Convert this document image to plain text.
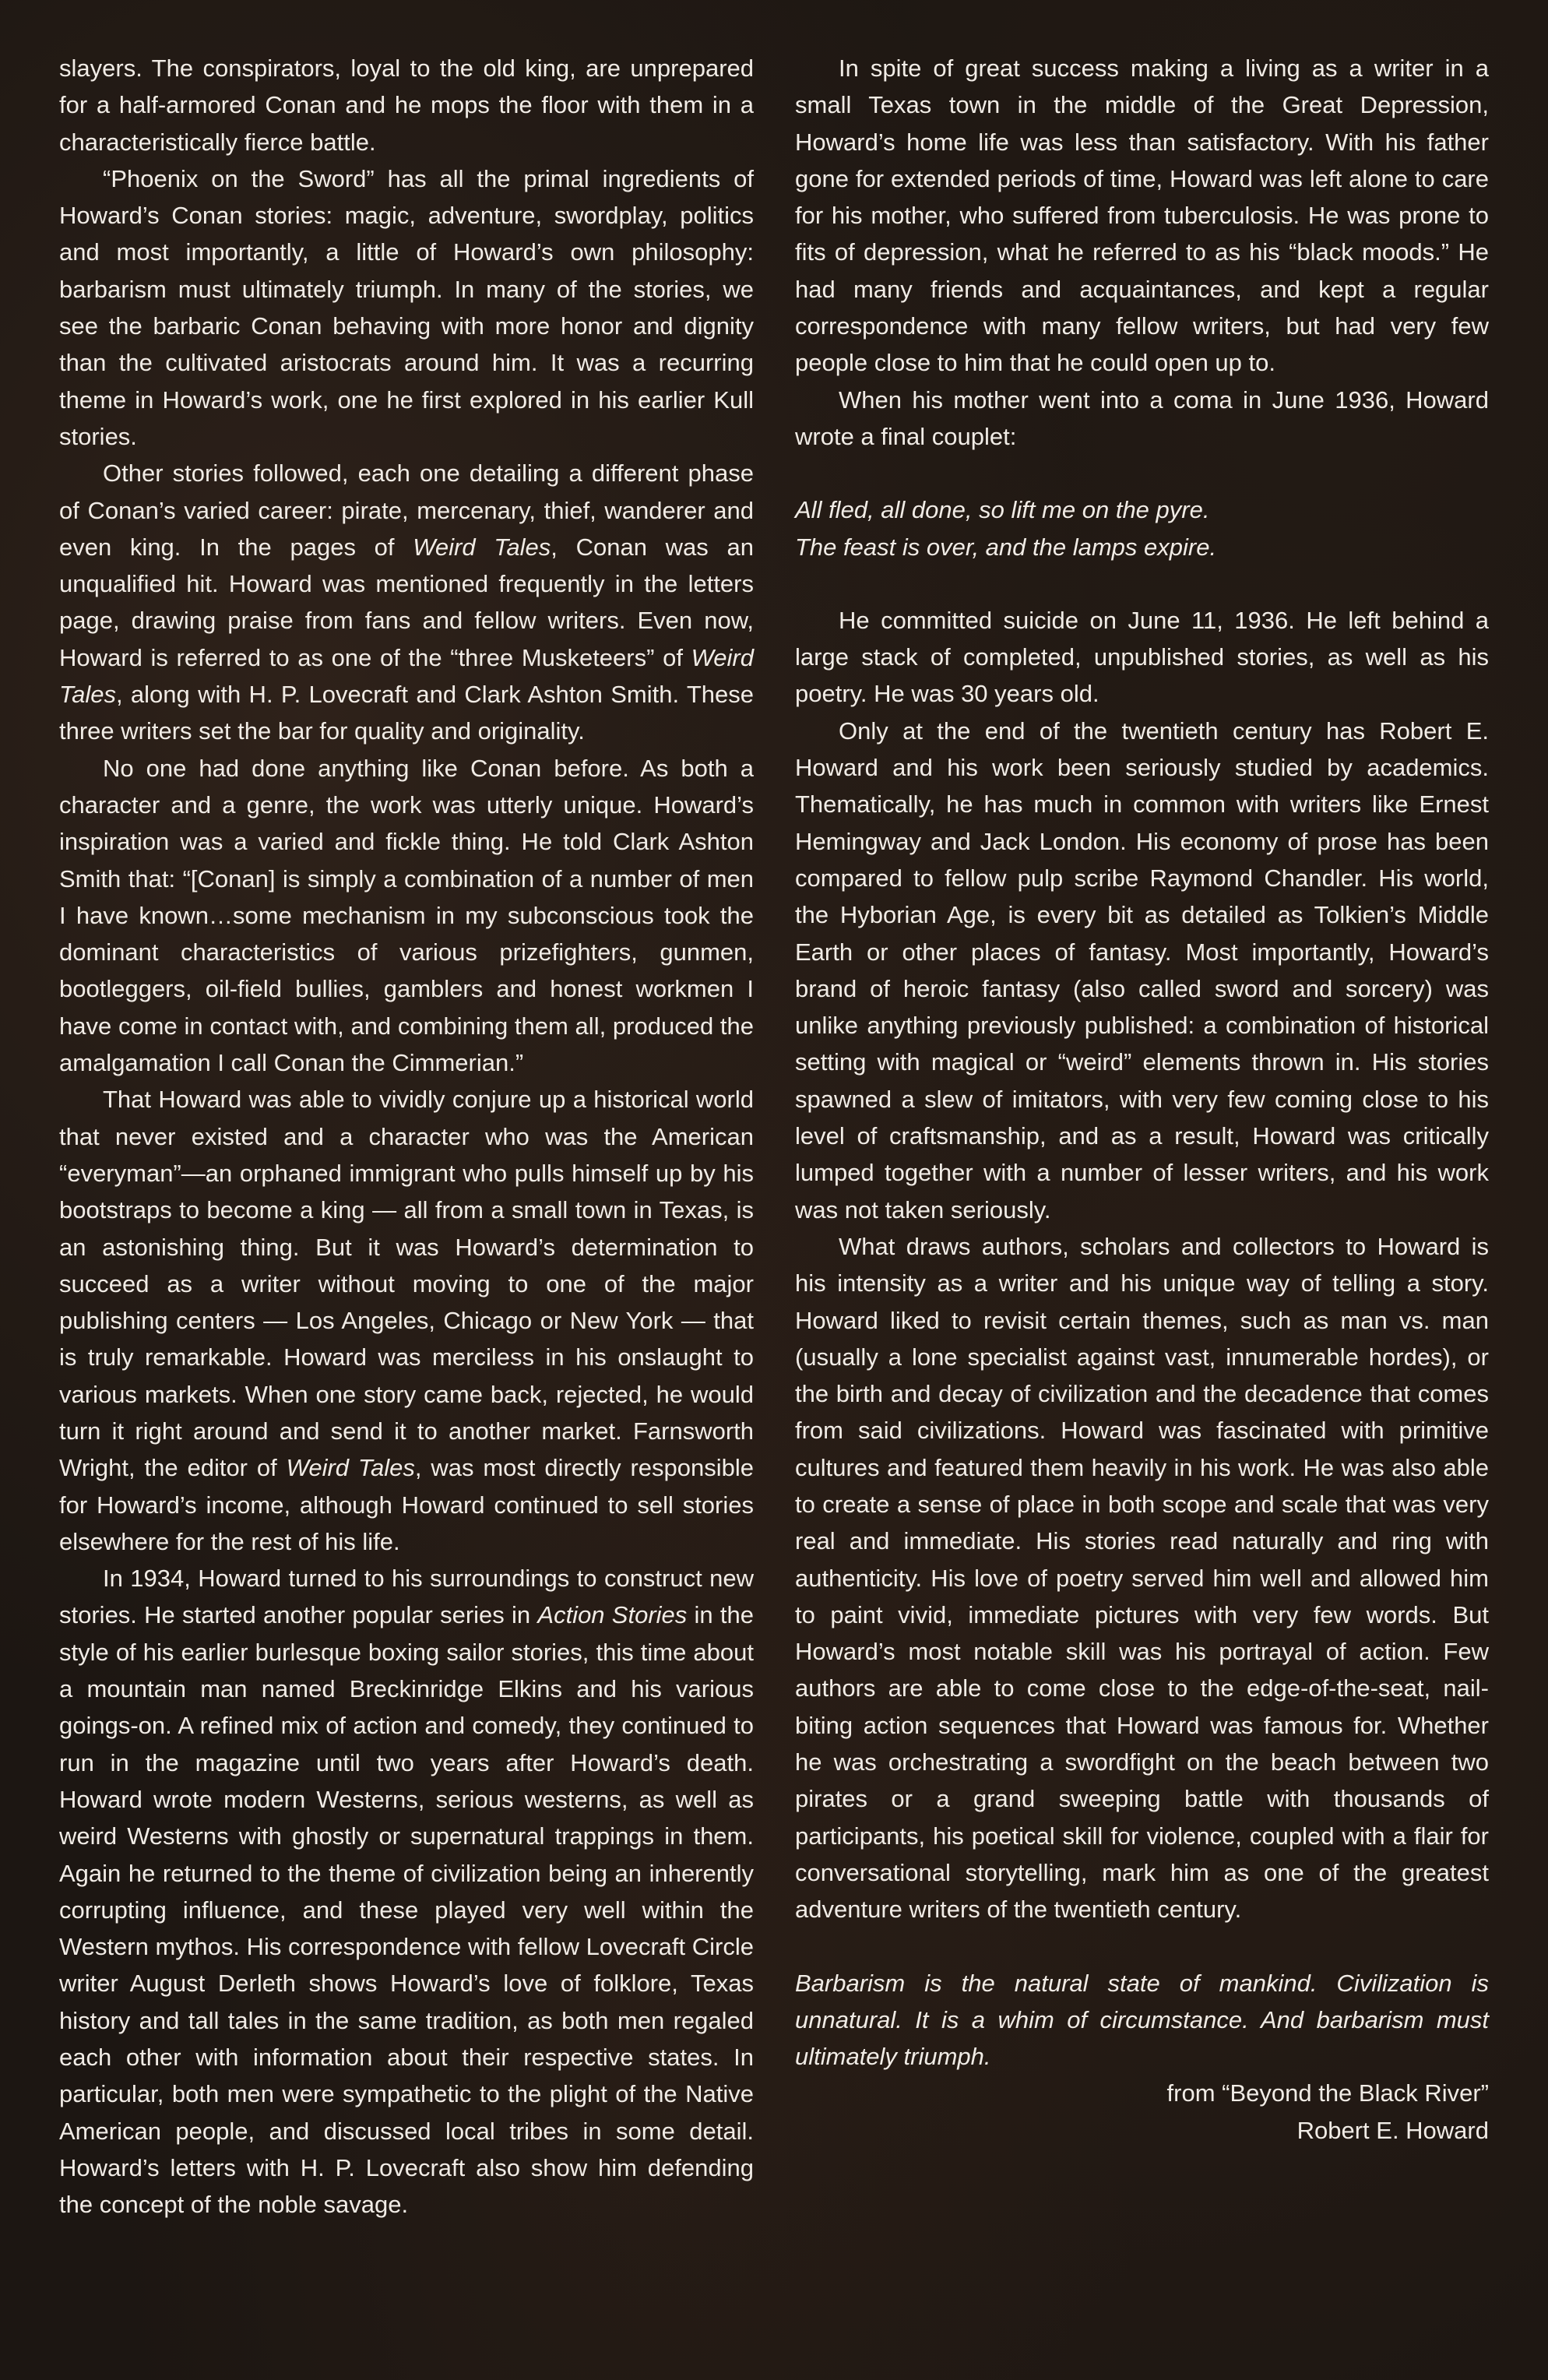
slayers. The conspirators, loyal to the old king, are unprepared for a half-armored Conan and he mops the floor with them in a characteristically fierce battle.

“Phoenix on the Sword” has all the primal ingredients of Howard’s Conan stories: magic, adventure, swordplay, politics and most importantly, a little of Howard’s own philosophy: barbarism must ultimately triumph. In many of the stories, we see the barbaric Conan behaving with more honor and dignity than the cultivated aristocrats around him. It was a recurring theme in Howard’s work, one he first explored in his earlier Kull stories.

Other stories followed, each one detailing a different phase of Conan’s varied career: pirate, mercenary, thief, wanderer and even king. In the pages of Weird Tales, Conan was an unqualified hit. Howard was mentioned frequently in the letters page, drawing praise from fans and fellow writers. Even now, Howard is referred to as one of the “three Musketeers” of Weird Tales, along with H. P. Lovecraft and Clark Ashton Smith. These three writers set the bar for quality and originality.

No one had done anything like Conan before. As both a character and a genre, the work was utterly unique. Howard’s inspiration was a varied and fickle thing. He told Clark Ashton Smith that: “[Conan] is simply a combination of a number of men I have known…some mechanism in my subconscious took the dominant characteristics of various prizefighters, gunmen, bootleggers, oil-field bullies, gamblers and honest workmen I have come in contact with, and combining them all, produced the amalgamation I call Conan the Cimmerian.”

That Howard was able to vividly conjure up a historical world that never existed and a character who was the American “everyman”—an orphaned immigrant who pulls himself up by his bootstraps to become a king — all from a small town in Texas, is an astonishing thing. But it was Howard’s determination to succeed as a writer without moving to one of the major publishing centers — Los Angeles, Chicago or New York — that is truly remarkable. Howard was merciless in his onslaught to various markets. When one story came back, rejected, he would turn it right around and send it to another market. Farnsworth Wright, the editor of Weird Tales, was most directly responsible for Howard’s income, although Howard continued to sell stories elsewhere for the rest of his life.

In 1934, Howard turned to his surroundings to construct new stories. He started another popular series in Action Stories in the style of his earlier burlesque boxing sailor stories, this time about a mountain man named Breckinridge Elkins and his various goings-on. A refined mix of action and comedy, they continued to run in the magazine until two years after Howard’s death. Howard wrote modern Westerns, serious westerns, as well as weird Westerns with ghostly or supernatural trappings in them. Again he returned to the theme of civilization being an inherently corrupting influence, and these played very well within the Western mythos. His correspondence with fellow Lovecraft Circle writer August Derleth shows Howard’s love of folklore, Texas history and tall tales in the same tradition, as both men regaled each other with information about their respective states. In particular, both men were sympathetic to the plight of the Native American people, and discussed local tribes in some detail. Howard’s letters with H. P. Lovecraft also show him defending the concept of the noble savage.

In spite of great success making a living as a writer in a small Texas town in the middle of the Great Depression, Howard’s home life was less than satisfactory. With his father gone for extended periods of time, Howard was left alone to care for his mother, who suffered from tuberculosis. He was prone to fits of depression, what he referred to as his “black moods.” He had many friends and acquaintances, and kept a regular correspondence with many fellow writers, but had very few people close to him that he could open up to.

When his mother went into a coma in June 1936, Howard wrote a final couplet:

All fled, all done, so lift me on the pyre.

The feast is over, and the lamps expire.

He committed suicide on June 11, 1936. He left behind a large stack of completed, unpublished stories, as well as his poetry. He was 30 years old.

Only at the end of the twentieth century has Robert E. Howard and his work been seriously studied by academics. Thematically, he has much in common with writers like Ernest Hemingway and Jack London. His economy of prose has been compared to fellow pulp scribe Raymond Chandler. His world, the Hyborian Age, is every bit as detailed as Tolkien’s Middle Earth or other places of fantasy. Most importantly, Howard’s brand of heroic fantasy (also called sword and sorcery) was unlike anything previously published: a combination of historical setting with magical or “weird” elements thrown in. His stories spawned a slew of imitators, with very few coming close to his level of craftsmanship, and as a result, Howard was critically lumped together with a number of lesser writers, and his work was not taken seriously.

What draws authors, scholars and collectors to Howard is his intensity as a writer and his unique way of telling a story. Howard liked to revisit certain themes, such as man vs. man (usually a lone specialist against vast, innumerable hordes), or the birth and decay of civilization and the decadence that comes from said civilizations. Howard was fascinated with primitive cultures and featured them heavily in his work. He was also able to create a sense of place in both scope and scale that was very real and immediate. His stories read naturally and ring with authenticity. His love of poetry served him well and allowed him to paint vivid, immediate pictures with very few words. But Howard’s most notable skill was his portrayal of action. Few authors are able to come close to the edge-of-the-seat, nail-biting action sequences that Howard was famous for. Whether he was orchestrating a swordfight on the beach between two pirates or a grand sweeping battle with thousands of participants, his poetical skill for violence, coupled with a flair for conversational storytelling, mark him as one of the greatest adventure writers of the twentieth century.

Barbarism is the natural state of mankind. Civilization is unnatural. It is a whim of circumstance. And barbarism must ultimately triumph.

from “Beyond the Black River”
Robert E. Howard
